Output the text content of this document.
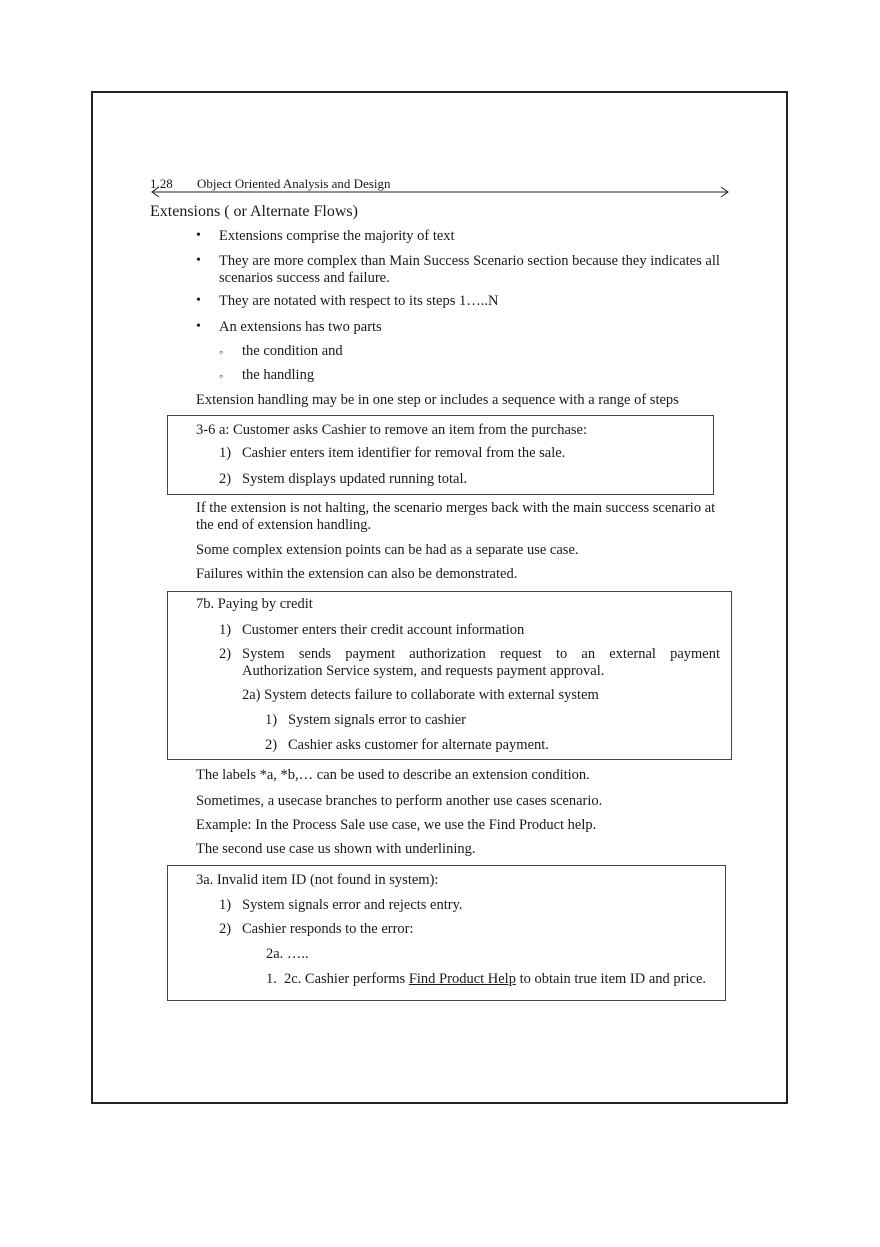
1.28 Object Oriented Analysis and Design
Extensions ( or Alternate Flows)
• Extensions comprise the majority of text
• They are more complex than Main Success Scenario section because they indicates all
scenarios success and failure.
• They are notated with respect to its steps 1…..N
• An extensions has two parts
◦ the condition and
◦ the handling
Extension handling may be in one step or includes a sequence with a range of steps
3-6 a: Customer asks Cashier to remove an item from the purchase:
1) Cashier enters item identifier for removal from the sale.
2) System displays updated running total.
If the extension is not halting, the scenario merges back with the main success scenario at
the end of extension handling.
Some complex extension points can be had as a separate use case.
Failures within the extension can also be demonstrated.
7b. Paying by credit
1) Customer enters their credit account information
2) System sends payment authorization request to an external payment
Authorization Service system, and requests payment approval.
2a) System detects failure to collaborate with external system
1) System signals error to cashier
2) Cashier asks customer for alternate payment.
The labels *a, *b,… can be used to describe an extension condition.
Sometimes, a usecase branches to perform another use cases scenario.
Example: In the Process Sale use case, we use the Find Product help.
The second use case us shown with underlining.
3a. Invalid item ID (not found in system):
1) System signals error and rejects entry.
2) Cashier responds to the error:
2a. …..
1. 2c. Cashier performs Find Product Help to obtain true item ID and price.
